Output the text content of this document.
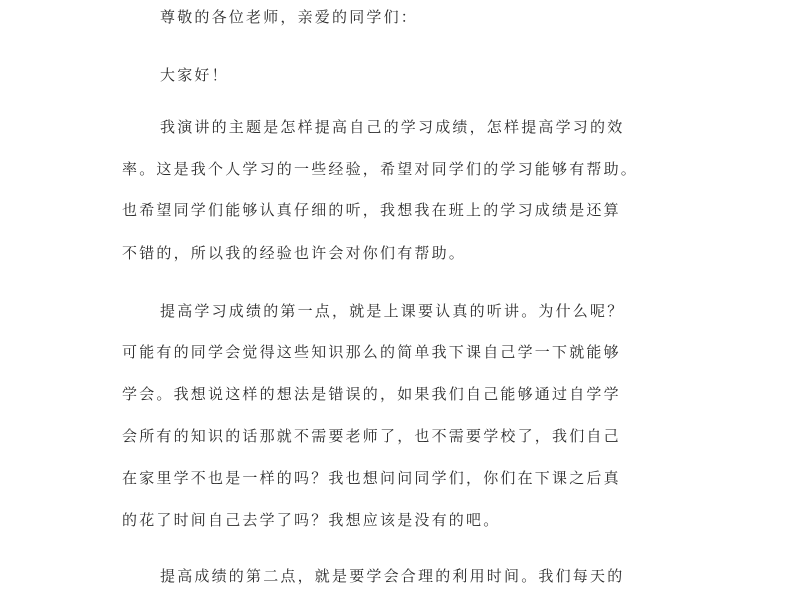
尊敬的各位老师，亲爱的同学们：
大家好！
我演讲的主题是怎样提高自己的学习成绩，怎样提高学习的效
率。这是我个人学习的一些经验，希望对同学们的学习能够有帮助。
也希望同学们能够认真仔细的听，我想我在班上的学习成绩是还算
不错的，所以我的经验也许会对你们有帮助。
提高学习成绩的第一点，就是上课要认真的听讲。为什么呢？
可能有的同学会觉得这些知识那么的简单我下课自己学一下就能够
学会。我想说这样的想法是错误的，如果我们自己能够通过自学学
会所有的知识的话那就不需要老师了，也不需要学校了，我们自己
在家里学不也是一样的吗？我也想问问同学们，你们在下课之后真
的花了时间自己去学了吗？我想应该是没有的吧。
提高成绩的第二点，就是要学会合理的利用时间。我们每天的
